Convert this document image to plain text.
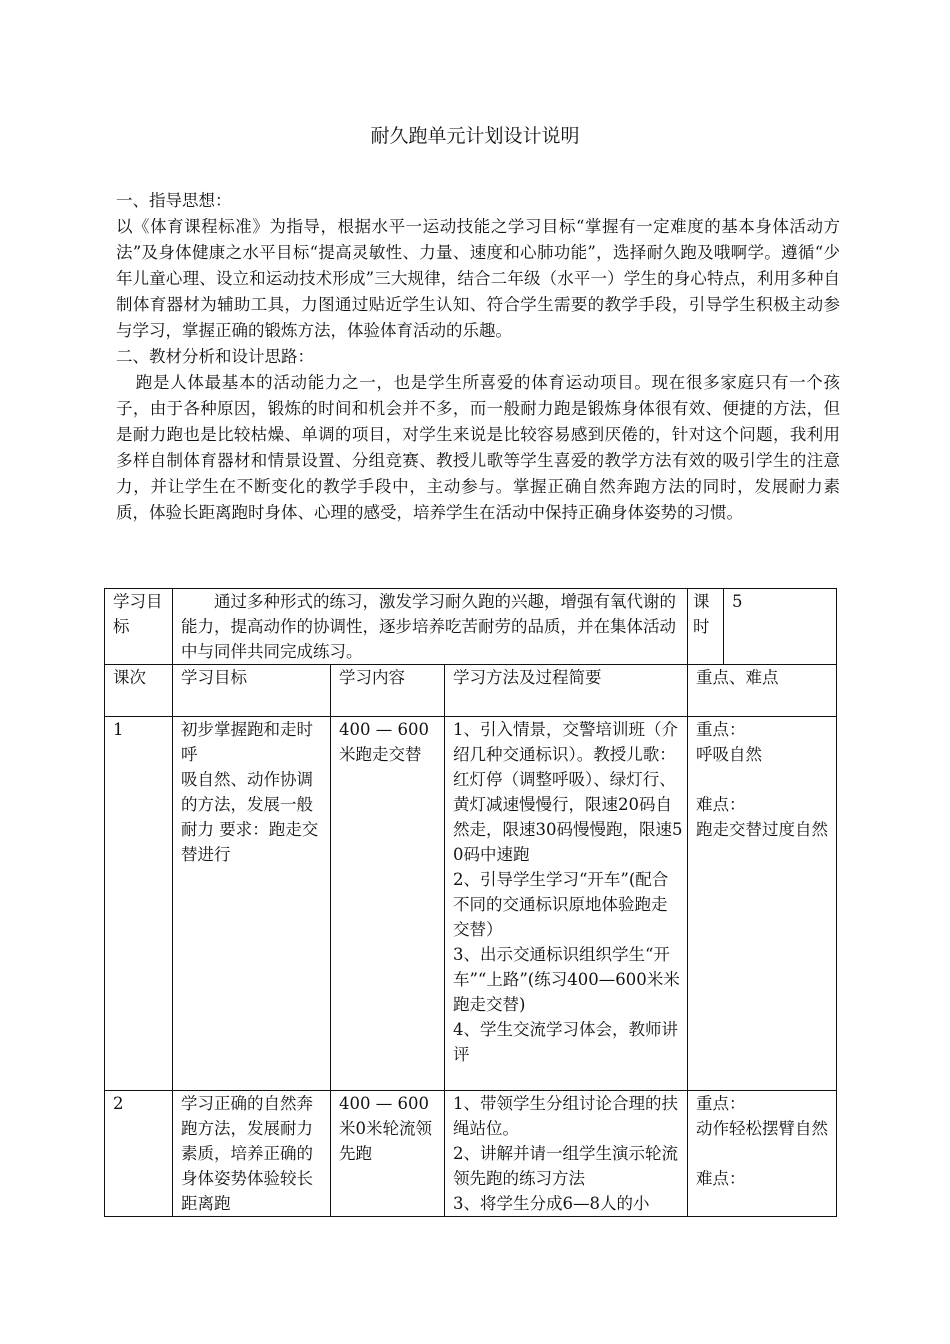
耐久跑单元计划设计说明

一、指导思想：

以《体育课程标准》为指导，根据水平一运动技能之学习目标“掌握有一定难度的基本身体活动方法”及身体健康之水平目标“提高灵敏性、力量、速度和心肺功能”，选择耐久跑及哦啊学。遵循“少年儿童心理、设立和运动技术形成”三大规律，结合二年级（水平一）学生的身心特点，利用多种自制体育器材为辅助工具，力图通过贴近学生认知、符合学生需要的教学手段，引导学生积极主动参与学习，掌握正确的锻炼方法，体验体育活动的乐趣。

二、教材分析和设计思路：

跑是人体最基本的活动能力之一，也是学生所喜爱的体育运动项目。现在很多家庭只有一个孩子，由于各种原因，锻炼的时间和机会并不多，而一般耐力跑是锻炼身体很有效、便捷的方法，但是耐力跑也是比较枯燥、单调的项目，对学生来说是比较容易感到厌倦的，针对这个问题，我利用多样自制体育器材和情景设置、分组竞赛、教授儿歌等学生喜爱的教学方法有效的吸引学生的注意力，并让学生在不断变化的教学手段中，主动参与。掌握正确自然奔跑方法的同时，发展耐力素质，体验长距离跑时身体、心理的感受，培养学生在活动中保持正确身体姿势的习惯。

学习目标	通过多种形式的练习，激发学习耐久跑的兴趣，增强有氧代谢的能力，提高动作的协调性，逐步培养吃苦耐劳的品质，并在集体活动中与同伴共同完成练习。			课时	5

课次	学习目标	学习内容	学习方法及过程简要	重点、难点	
1	初步掌握跑和走时呼
吸自然、动作协调的方法，发展一般耐力 要求：跑走交替进行	400 — 600米跑走交替	1、引入情景，交警培训班（介绍几种交通标识）。教授儿歌：红灯停（调整呼吸）、绿灯行、黄灯减速慢慢行，限速20码自然走，限速30码慢慢跑，限速50码中速跑
2、引导学生学习“开车”(配合不同的交通标识原地体验跑走交替）
3、出示交通标识组织学生“开车”“上路”(练习400—600米米跑走交替)
4、学生交流学习体会，教师讲评	重点：
呼吸自然

难点：
跑走交替过度自然	

2	学习正确的自然奔跑方法，发展耐力素质，培养正确的身体姿势体验较长距离跑	400 — 600米0米轮流领先跑	1、带领学生分组讨论合理的扶绳站位。
2、讲解并请一组学生演示轮流领先跑的练习方法
3、将学生分成6—8人的小	重点：
动作轻松摆臂自然

难点：	
